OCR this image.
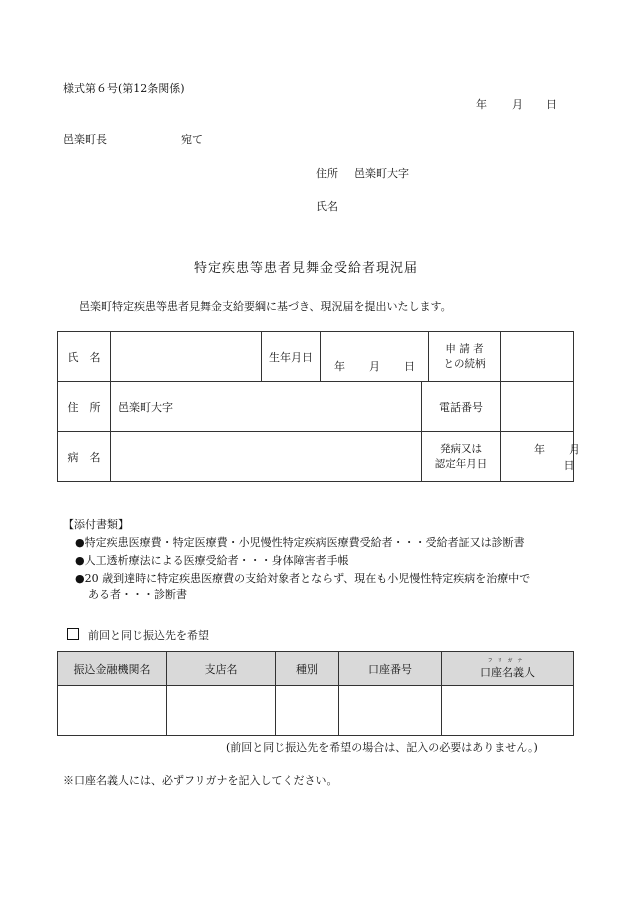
様式第６号(第12条関係)
年 月 日
邑楽町長	宛て
住所 邑楽町大字
氏名
特定疾患等患者見舞金受給者現況届
邑楽町特定疾患等患者見舞金支給要綱に基づき、現況届を提出いたします。
氏　名		生年月日	年 月 日		申 請 者
との続柄	

住　所	邑楽町大字			電話番号		
病　名				発病又は
認定年月日		年 月日
【添付書類】
●特定疾患医療費・特定医療費・小児慢性特定疾病医療費受給者・・・受給者証又は診断書
●人工透析療法による医療受給者・・・身体障害者手帳
●20 歳到達時に特定疾患医療費の支給対象者とならず、現在も小児慢性特定疾病を治療中で
ある者・・・診断書
前回と同じ振込先を希望
振込金融機関名	支店名	種別	口座番号	フリガナ
口座名義人

(前回と同じ振込先を希望の場合は、記入の必要はありません。)
※口座名義人には、必ずフリガナを記入してください。
